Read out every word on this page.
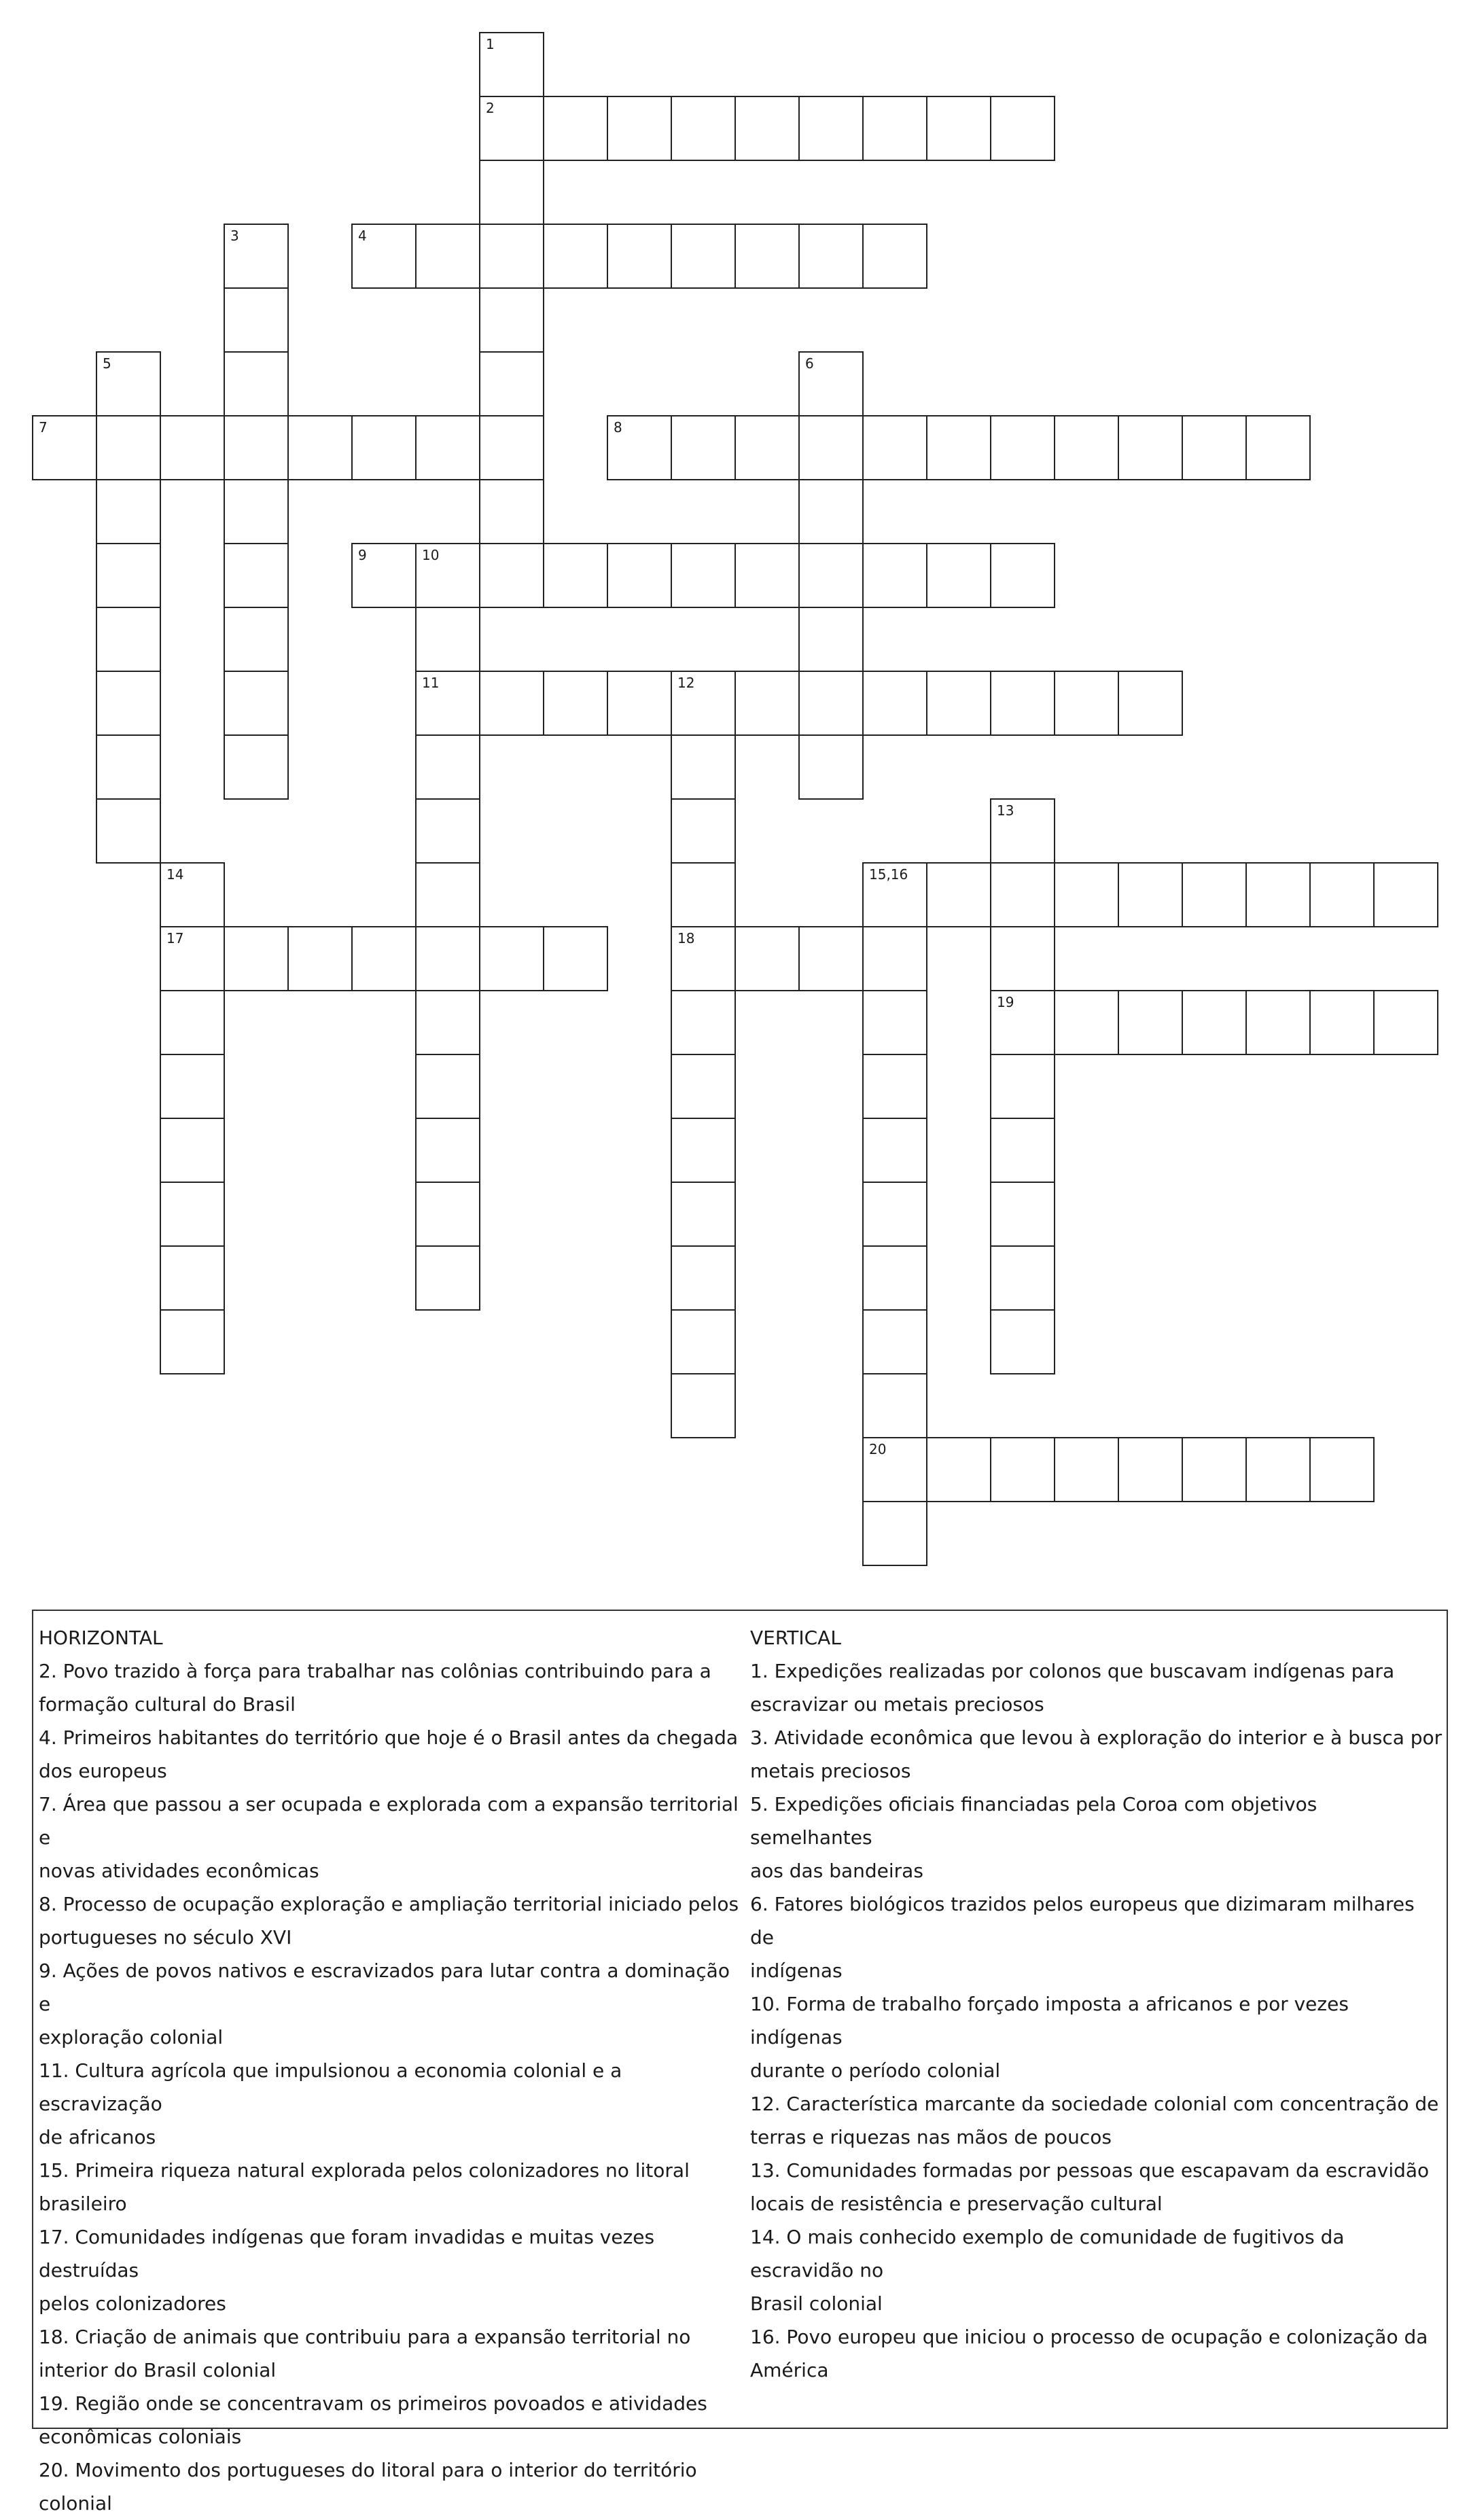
1
2
3	4
5	6
7	8
9	10
11	12
13
14	15,16
17	18
19
20
HORIZONTAL
2. Povo trazido à força para trabalhar nas colônias contribuindo para a
formação cultural do Brasil
4. Primeiros habitantes do território que hoje é o Brasil antes da chegada
dos europeus
7. Área que passou a ser ocupada e explorada com a expansão territorial e
novas atividades econômicas
8. Processo de ocupação exploração e ampliação territorial iniciado pelos
portugueses no século XVI
9. Ações de povos nativos e escravizados para lutar contra a dominação e
exploração colonial
11. Cultura agrícola que impulsionou a economia colonial e a escravização
de africanos
15. Primeira riqueza natural explorada pelos colonizadores no litoral
brasileiro
17. Comunidades indígenas que foram invadidas e muitas vezes destruídas
pelos colonizadores
18. Criação de animais que contribuiu para a expansão territorial no
interior do Brasil colonial
19. Região onde se concentravam os primeiros povoados e atividades
econômicas coloniais
20. Movimento dos portugueses do litoral para o interior do território
colonial
VERTICAL
1. Expedições realizadas por colonos que buscavam indígenas para
escravizar ou metais preciosos
3. Atividade econômica que levou à exploração do interior e à busca por
metais preciosos
5. Expedições oficiais financiadas pela Coroa com objetivos semelhantes
aos das bandeiras
6. Fatores biológicos trazidos pelos europeus que dizimaram milhares de
indígenas
10. Forma de trabalho forçado imposta a africanos e por vezes indígenas
durante o período colonial
12. Característica marcante da sociedade colonial com concentração de
terras e riquezas nas mãos de poucos
13. Comunidades formadas por pessoas que escapavam da escravidão
locais de resistência e preservação cultural
14. O mais conhecido exemplo de comunidade de fugitivos da escravidão no
Brasil colonial
16. Povo europeu que iniciou o processo de ocupação e colonização da
América
